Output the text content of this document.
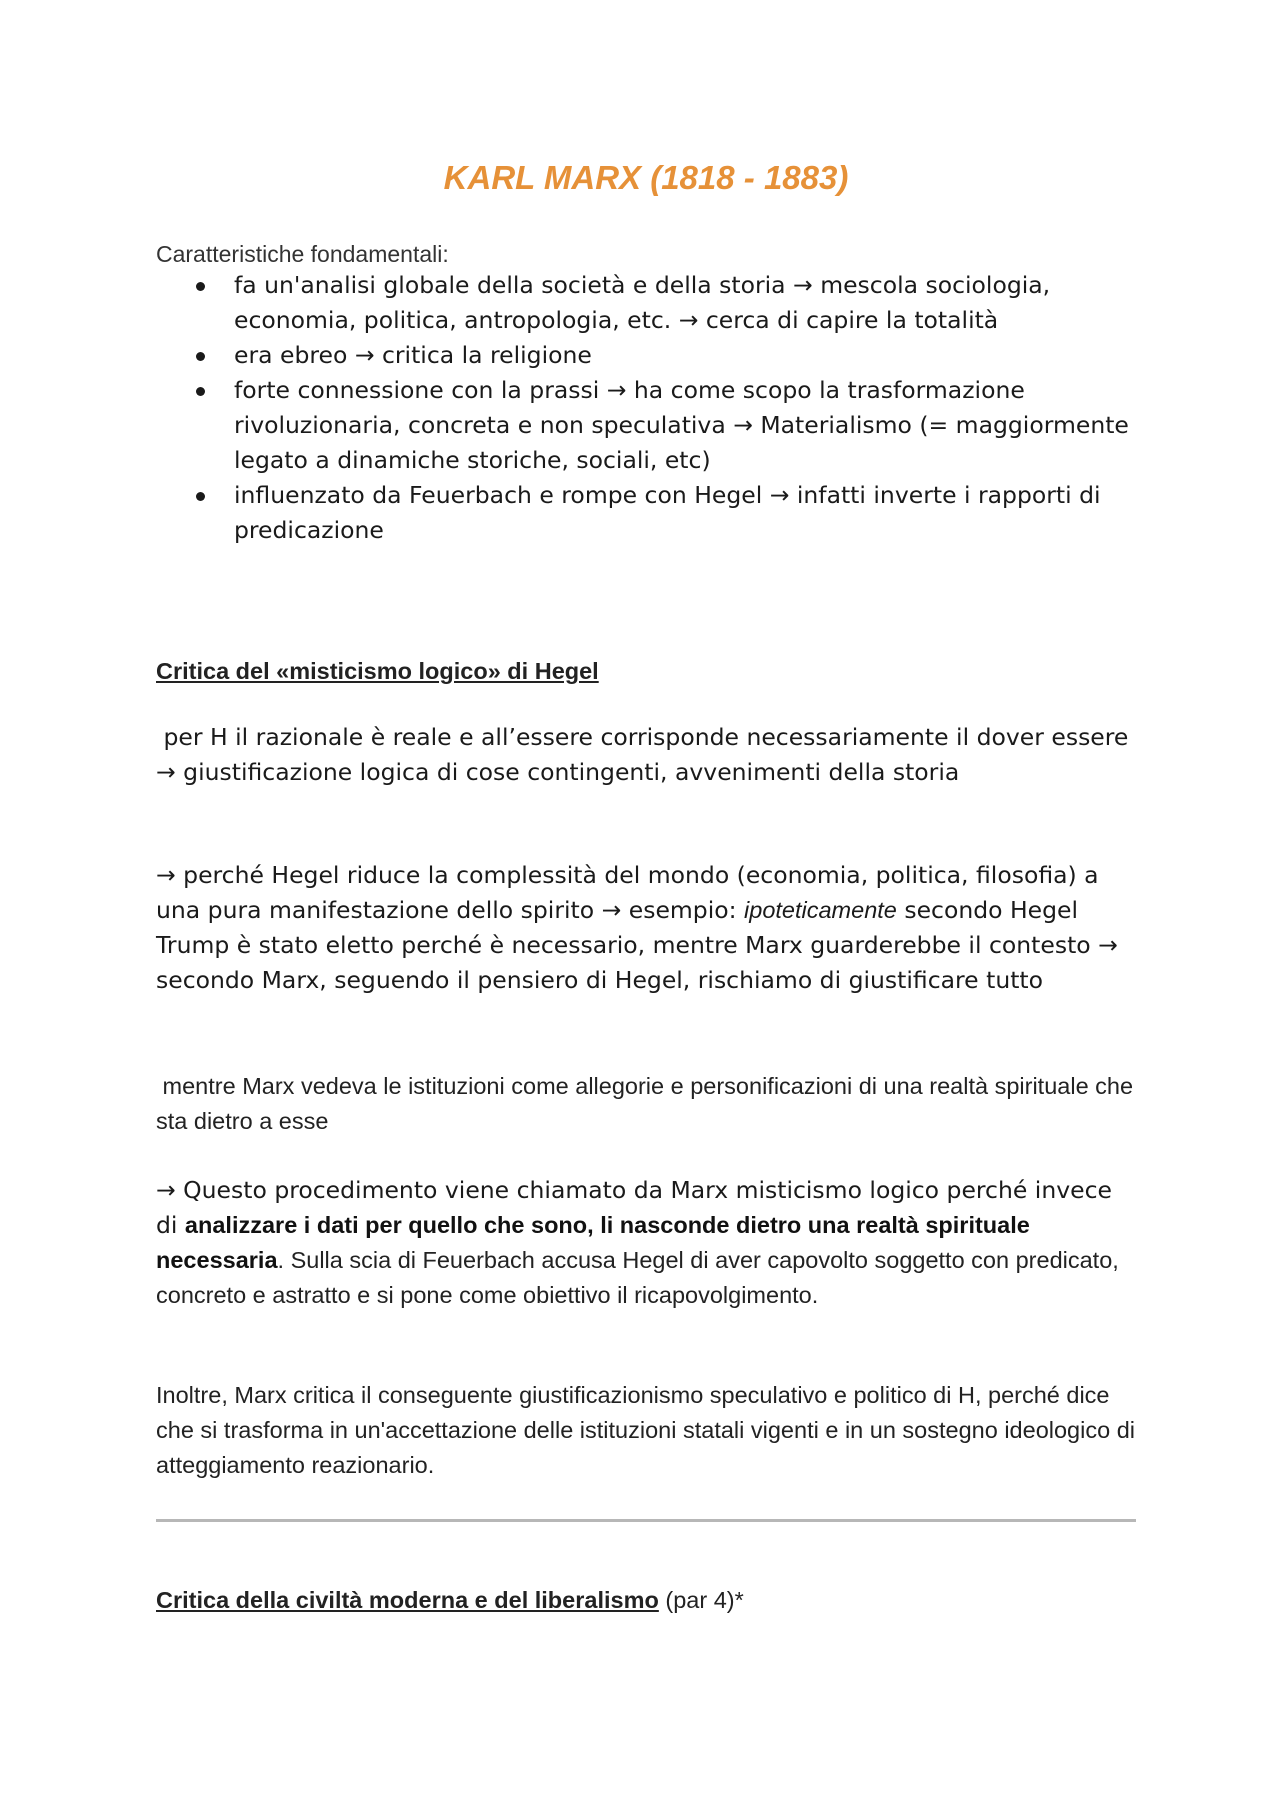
KARL MARX (1818 - 1883)
Caratteristiche fondamentali:
fa un'analisi globale della società e della storia → mescola sociologia, economia, politica, antropologia, etc. → cerca di capire la totalità
era ebreo → critica la religione
forte connessione con la prassi → ha come scopo la trasformazione rivoluzionaria, concreta e non speculativa → Materialismo (= maggiormente legato a dinamiche storiche, sociali, etc)
influenzato da Feuerbach e rompe con Hegel → infatti inverte i rapporti di predicazione
Critica del «misticismo logico» di Hegel

per H il razionale è reale e all’essere corrisponde necessariamente il dover essere → giustificazione logica di cose contingenti, avvenimenti della storia

→ perché Hegel riduce la complessità del mondo (economia, politica, filosofia) a una pura manifestazione dello spirito → esempio: ipoteticamente secondo Hegel Trump è stato eletto perché è necessario, mentre Marx guarderebbe il contesto → secondo Marx, seguendo il pensiero di Hegel, rischiamo di giustificare tutto

mentre Marx vedeva le istituzioni come allegorie e personificazioni di una realtà spirituale che sta dietro a esse

→ Questo procedimento viene chiamato da Marx misticismo logico perché invece di analizzare i dati per quello che sono, li nasconde dietro una realtà spirituale necessaria. Sulla scia di Feuerbach accusa Hegel di aver capovolto soggetto con predicato, concreto e astratto e si pone come obiettivo il ricapovolgimento.

Inoltre, Marx critica il conseguente giustificazionismo speculativo e politico di H, perché dice che si trasforma in un'accettazione delle istituzioni statali vigenti e in un sostegno ideologico di atteggiamento reazionario.

Critica della civiltà moderna e del liberalismo (par 4)*
